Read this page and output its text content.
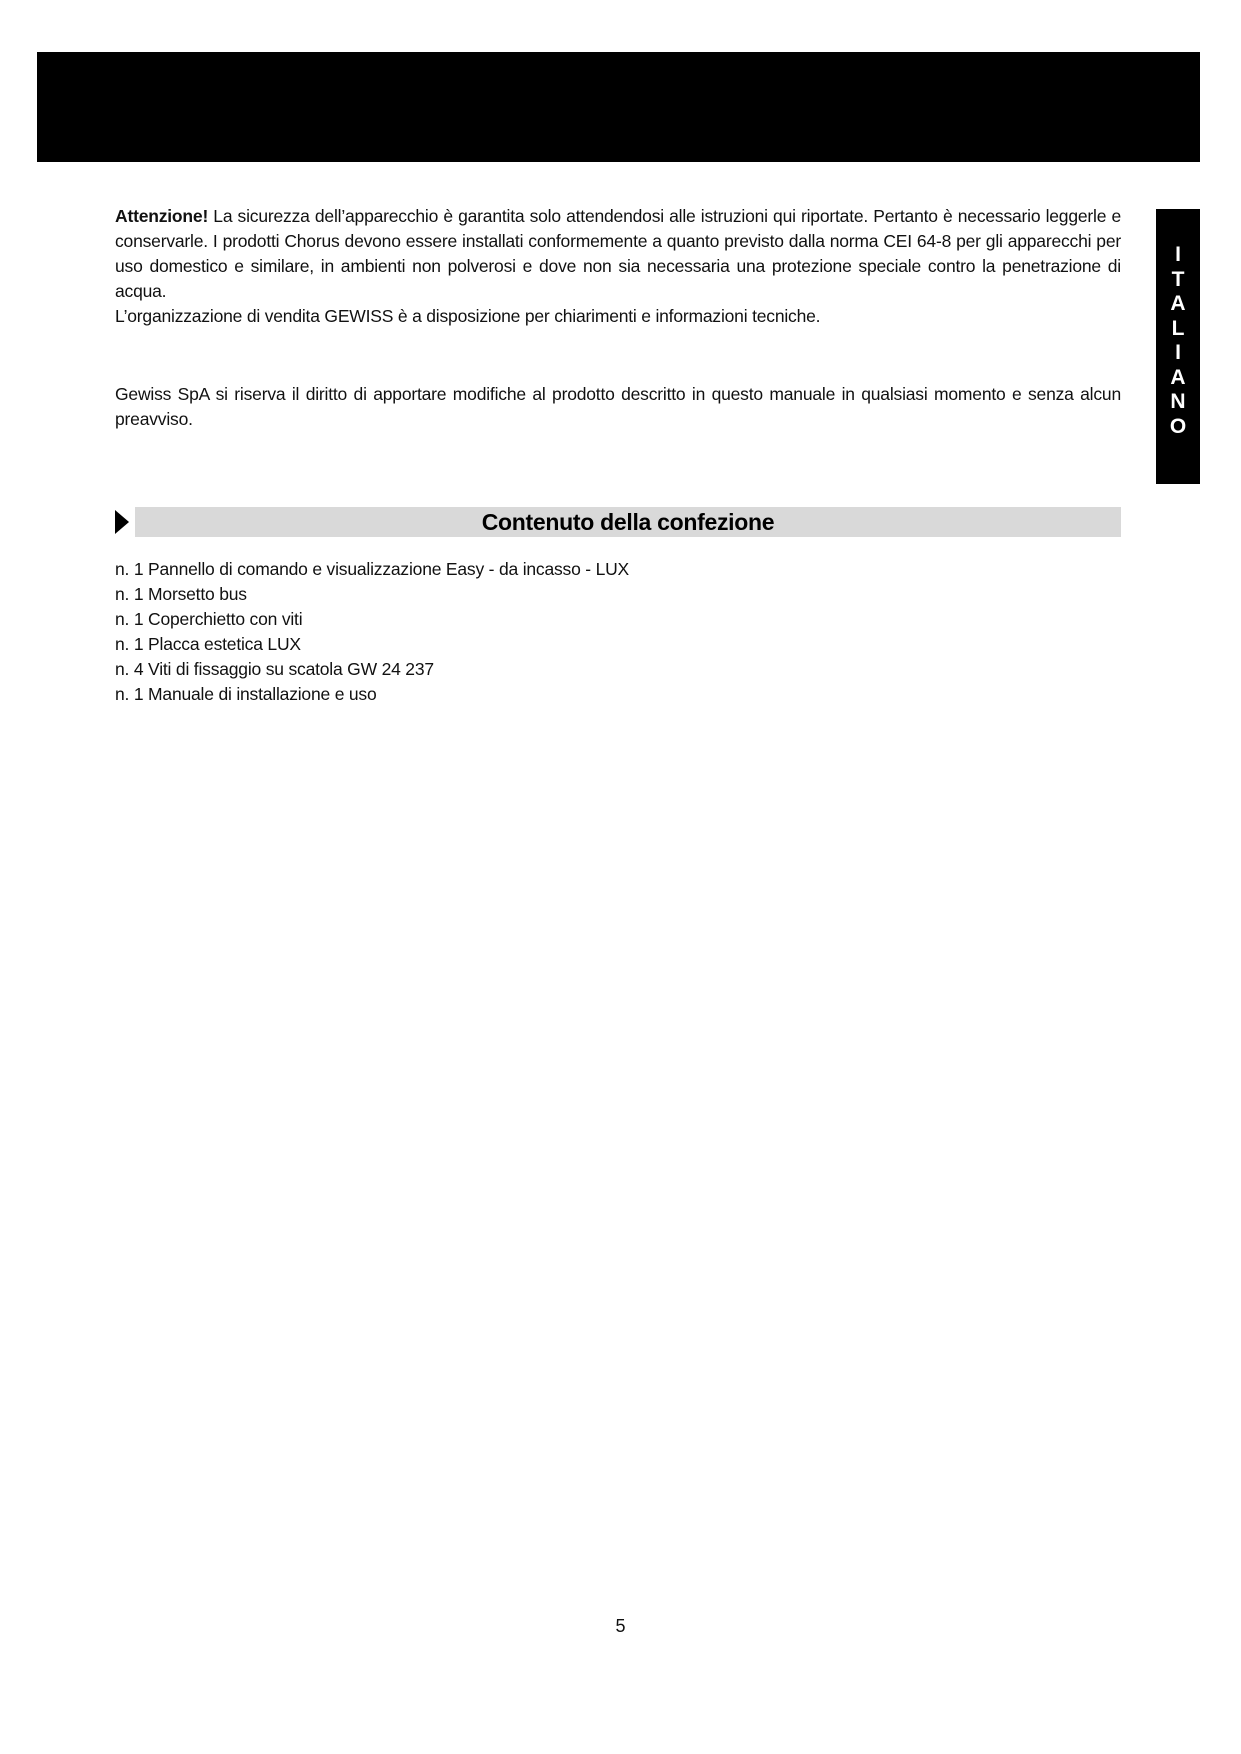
I
T
A
L
I
A
N
O

Attenzione! La sicurezza dell’apparecchio è garantita solo attendendosi alle istruzioni qui riportate. Pertanto è necessario leggerle e conservarle. I prodotti Chorus devono essere installati conformemente a quanto previsto dalla norma CEI 64-8 per gli apparecchi per uso domestico e similare, in ambienti non polverosi e dove non sia necessaria una protezione speciale contro la penetrazione di acqua.

L’organizzazione di vendita GEWISS è a disposizione per chiarimenti e informazioni tecniche.

Gewiss SpA si riserva il diritto di apportare modifiche al prodotto descritto in questo manuale in qualsiasi momento e senza alcun preavviso.

Contenuto della confezione
n. 1 Pannello di comando e visualizzazione Easy - da incasso - LUX
n. 1 Morsetto bus
n. 1 Coperchietto con viti
n. 1 Placca estetica LUX
n. 4 Viti di fissaggio su scatola GW 24 237
n. 1 Manuale di installazione e uso
5
